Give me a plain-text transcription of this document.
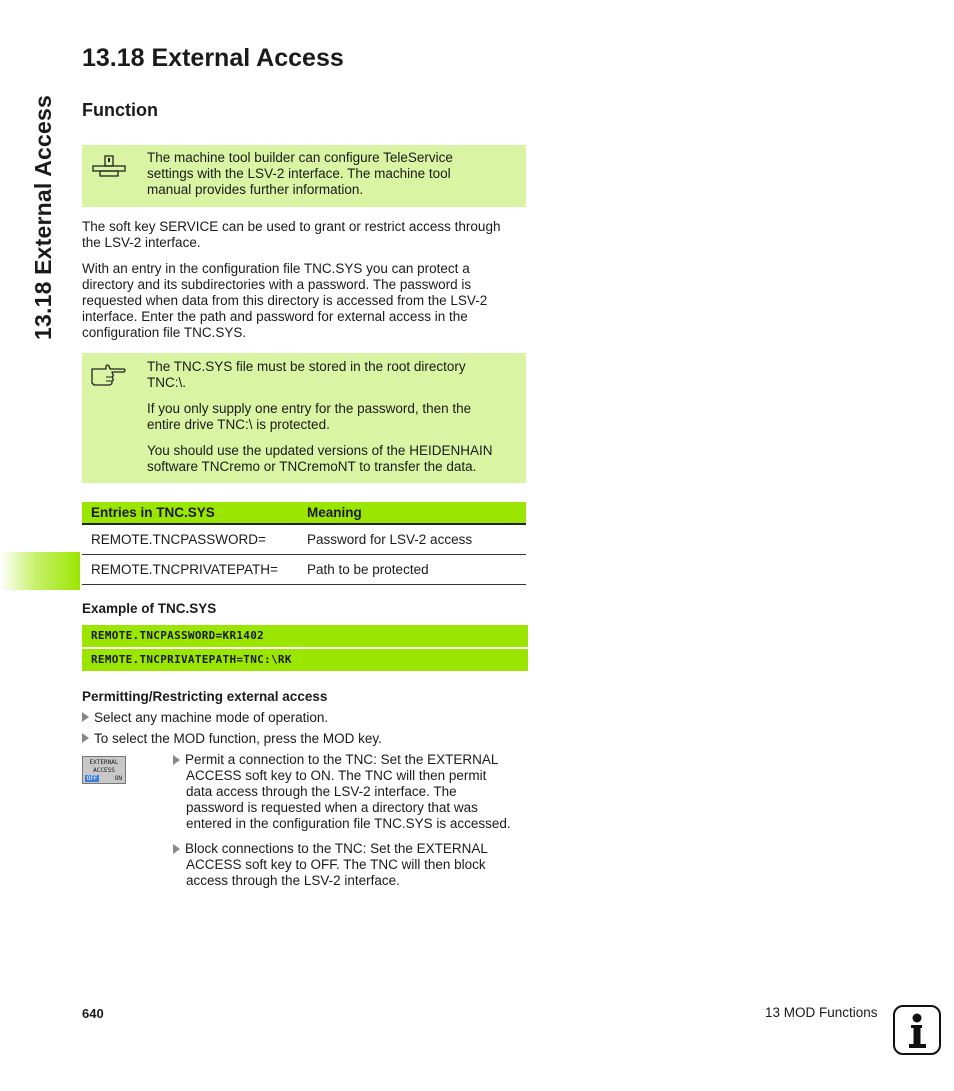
13.18 External Access
13.18 External Access
Function
The machine tool builder can configure TeleService
settings with the LSV-2 interface. The machine tool
manual provides further information.
The soft key SERVICE can be used to grant or restrict access through
the LSV-2 interface.
With an entry in the configuration file TNC.SYS you can protect a
directory and its subdirectories with a password. The password is
requested when data from this directory is accessed from the LSV-2
interface. Enter the path and password for external access in the
configuration file TNC.SYS.
The TNC.SYS file must be stored in the root directory
TNC:\.
If you only supply one entry for the password, then the
entire drive TNC:\ is protected.
You should use the updated versions of the HEIDENHAIN
software TNCremo or TNCremoNT to transfer the data.
Entries in TNC.SYS	Meaning
REMOTE.TNCPASSWORD=	Password for LSV-2 access
REMOTE.TNCPRIVATEPATH=	Path to be protected
Example of TNC.SYS
REMOTE.TNCPASSWORD=KR1402
REMOTE.TNCPRIVATEPATH=TNC:\RK
Permitting/Restricting external access
Select any machine mode of operation.
To select the MOD function, press the MOD key.
EXTERNAL
ACCESS
OFF	ON
Permit a connection to the TNC: Set the EXTERNAL
ACCESS soft key to ON. The TNC will then permit
data access through the LSV-2 interface. The
password is requested when a directory that was
entered in the configuration file TNC.SYS is accessed.
Block connections to the TNC: Set the EXTERNAL
ACCESS soft key to OFF. The TNC will then block
access through the LSV-2 interface.
640	13 MOD Functions
